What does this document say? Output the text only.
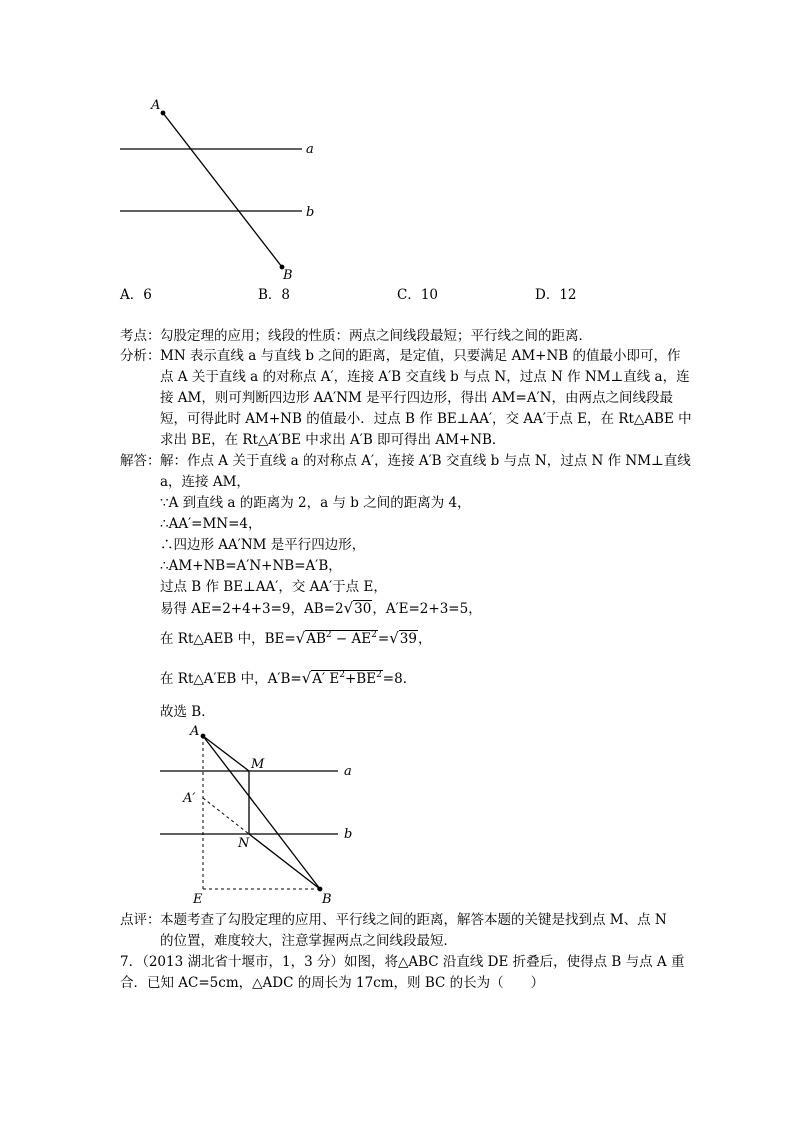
A
B
a
b
A．6	B．8	C．10	D．12
考点： 勾股定理的应用；线段的性质：两点之间线段最短；平行线之间的距离．
分析： MN 表示直线 a 与直线 b 之间的距离，是定值，只要满足 AM+NB 的值最小即可，作
点 A 关于直线 a 的对称点 A′，连接 A′B 交直线 b 与点 N，过点 N 作 NM⊥直线 a，连
接 AM，则可判断四边形 AA′NM 是平行四边形，得出 AM=A′N，由两点之间线段最
短，可得此时 AM+NB 的值最小．过点 B 作 BE⊥AA′，交 AA′于点 E，在 Rt△ABE 中
求出 BE，在 Rt△A′BE 中求出 A′B 即可得出 AM+NB．
解答： 解：作点 A 关于直线 a 的对称点 A′，连接 A′B 交直线 b 与点 N，过点 N 作 NM⊥直线
a，连接 AM，
∵A 到直线 a 的距离为 2，a 与 b 之间的距离为 4，
∴AA′=MN=4，
∴四边形 AA′NM 是平行四边形，
∴AM+NB=A′N+NB=A′B，
过点 B 作 BE⊥AA′，交 AA′于点 E，
易得 AE=2+4+3=9，AB=2√30，A′E=2+3=5，
在 Rt△AEB 中，$BE=√AB^2 - AE^2=√39$，
在 Rt△A′EB 中，A′B=√A′ $E^2+BE^2=8$．
故选 B．
A
M
A′
N
E	B
a
b
点评： 本题考查了勾股定理的应用、平行线之间的距离，解答本题的关键是找到点 M、点 N
的位置，难度较大，注意掌握两点之间线段最短．
7．（2013 湖北省十堰市，1，3 分）如图，将△ABC 沿直线 DE 折叠后，使得点 B 与点 A 重
合．已知 AC=5cm，△ADC 的周长为 17cm，则 BC 的长为（　　）
